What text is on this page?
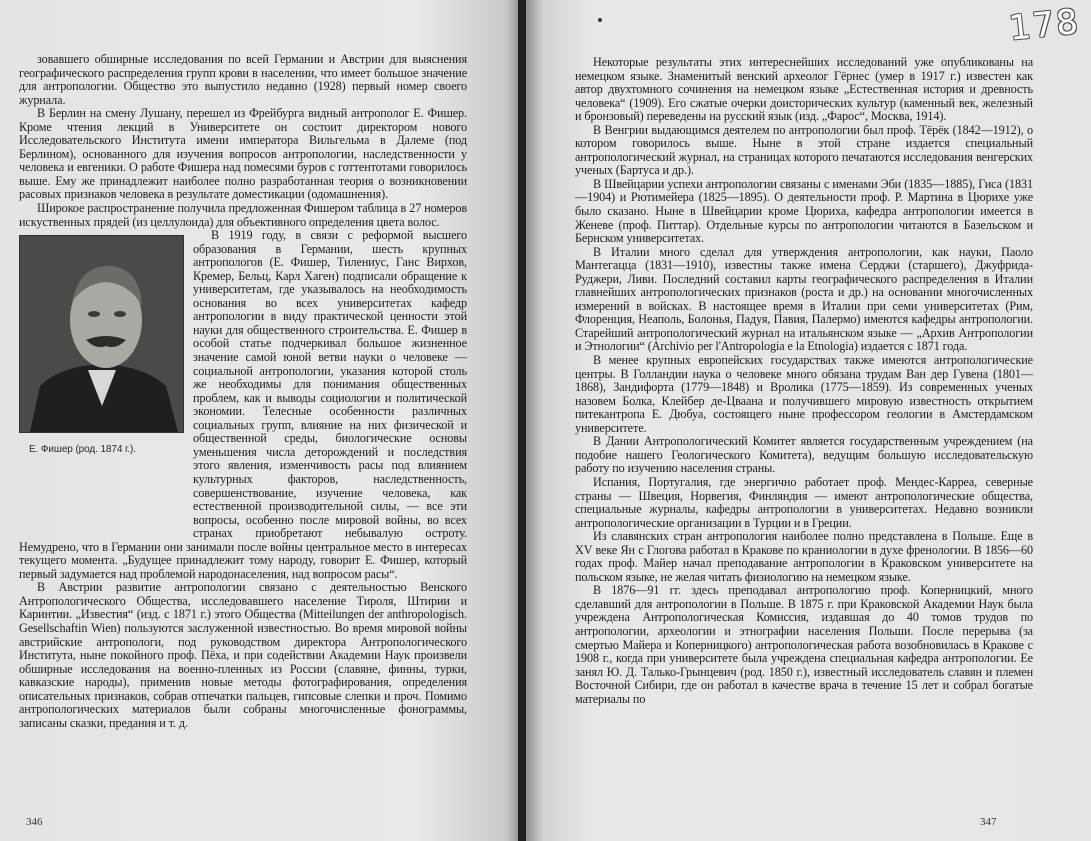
зовавшего обширные исследования по всей Германии и Австрии для выяснения географического распределения групп крови в населении, что имеет большое значение для антропологии. Общество это выпустило недавно (1928) первый номер своего журнала.

В Берлин на смену Лушану, перешел из Фрейбурга видный антрополог Е. Фишер. Кроме чтения лекций в Университете он состоит директором нового Исследовательского Института имени императора Вильгельма в Далеме (под Берлином), основанного для изучения вопросов антропологии, наследственности у человека и евгеники. О работе Фишера над помесями буров с готтентотами говорилось выше. Ему же принадлежит наиболее полно разработанная теория о возникновении расовых признаков человека в результате доместикации (одомашнения).

Широкое распространение получила предложенная Фишером таблица в 27 номеров искуственных прядей (из целлулоида) для объективного определения цвета волос.

Е. Фишер (род. 1874 г.).

В 1919 году, в связи с реформой высшего образования в Германии, шесть крупных антропологов (Е. Фишер, Тилениус, Ганс Вирхов, Кремер, Бельц, Карл Хаген) подписали обращение к университетам, где указывалось на необходимость основания во всех университетах кафедр антропологии в виду практической ценности этой науки для общественного строительства. Е. Фишер в особой статье подчеркивал большое жизненное значение самой юной ветви науки о человеке — социальной антропологии, указания которой столь же необходимы для понимания общественных проблем, как и выводы социологии и политической экономии. Телесные особенности различных социальных групп, влияние на них физической и общественной среды, биологические основы уменьшения числа деторождений и последствия этого явления, изменчивость расы под влиянием культурных факторов, наследственность, совершенствование, изучение человека, как естественной производительной силы, — все эти вопросы, особенно после мировой войны, во всех странах приобретают небывалую остроту. Немудрено, что в Германии они занимали после войны центральное место в интересах текущего момента. „Будущее принадлежит тому народу, говорит Е. Фишер, который первый задумается над проблемой народонаселения, над вопросом расы“.

В Австрии развитие антропологии связано с деятельностью Венского Антропологического Общества, исследовавшего население Тироля, Штирии и Каринтии. „Известия“ (изд. с 1871 г.) этого Общества (Mitteilungen der anthropologisch. Gesellschaftin Wien) пользуются заслуженной известностью. Во время мировой войны австрийские антропологи, под руководством директора Антропологического Института, ныне покойного проф. Пёха, и при содействии Академии Наук произвели обширные исследования на военно-пленных из России (славяне, финны, турки, кавказские народы), применив новые методы фотографирования, определения описательных признаков, собрав отпечатки пальцев, гипсовые слепки и проч. Помимо антропологических материалов были собраны многочисленные фонограммы, записаны сказки, предания и т. д.

346

Некоторые результаты этих интереснейших исследований уже опубликованы на немецком языке. Знаменитый венский археолог Гёрнес (умер в 1917 г.) известен как автор двухтомного сочинения на немецком языке „Естественная история и древность человека“ (1909). Его сжатые очерки доисторических культур (каменный век, железный и бронзовый) переведены на русский язык (изд. „Фарос“, Москва, 1914).

В Венгрии выдающимся деятелем по антропологии был проф. Тёрёк (1842—1912), о котором говорилось выше. Ныне в этой стране издается специальный антропологический журнал, на страницах которого печатаются исследования венгерских ученых (Бартуса и др.).

В Швейцарии успехи антропологии связаны с именами Эби (1835—1885), Гиса (1831—1904) и Рютимейера (1825—1895). О деятельности проф. Р. Мартина в Цюрихе уже было сказано. Ныне в Швейцарии кроме Цюриха, кафедра антропологии имеется в Женеве (проф. Питтар). Отдельные курсы по антропологии читаются в Базельском и Бернском университетах.

В Италии много сделал для утверждения антропологии, как науки, Паоло Мантегацца (1831—1910), известны также имена Серджи (старшего), Джуфрида-Руджери, Ливи. Последний составил карты географического распределения в Италии главнейших антропологических признаков (роста и др.) на основании многочисленных измерений в войсках. В настоящее время в Италии при семи университетах (Рим, Флоренция, Неаполь, Болонья, Падуя, Павия, Палермо) имеются кафедры антропологии. Старейший антропологический журнал на итальянском языке — „Архив Антропологии и Этнологии“ (Archivio per l'Antropologia e la Etnologia) издается с 1871 года.

В менее крупных европейских государствах также имеются антропологические центры. В Голландии наука о человеке много обязана трудам Ван дер Гувена (1801—1868), Зандифорта (1779—1848) и Вролика (1775—1859). Из современных ученых назовем Болка, Клейбер де-Цваана и получившего мировую известность открытием питекантропа Е. Дюбуа, состоящего ныне профессором геологии в Амстердамском университете.

В Дании Антропологический Комитет является государственным учреждением (на подобие нашего Геологического Комитета), ведущим большую исследовательскую работу по изучению населения страны.

Испания, Португалия, где энергично работает проф. Мендес-Каррea, северные страны — Швеция, Норвегия, Финляндия — имеют антропологические общества, специальные журналы, кафедры антропологии в университетах. Недавно возникли антропологические организации в Турции и в Греции.

Из славянских стран антропология наиболее полно представлена в Польше. Еще в XV веке Ян с Глогова работал в Кракове по краниологии в духе френологии. В 1856—60 годах проф. Майер начал преподавание антропологии в Краковском университете на польском языке, не желая читать физиологию на немецком языке.

В 1876—91 гг. здесь преподавал антропологию проф. Коперницкий, много сделавший для антропологии в Польше. В 1875 г. при Краковской Академии Наук была учреждена Антропологическая Комиссия, издавшая до 40 томов трудов по антропологии, археологии и этнографии населения Польши. После перерыва (за смертью Майера и Коперницкого) антропологическая работа возобновилась в Кракове с 1908 г., когда при университете была учреждена специальная кафедра антропологии. Ее занял Ю. Д. Талько-Грынцевич (род. 1850 г.), известный исследователь славян и племен Восточной Сибири, где он работал в качестве врача в течение 15 лет и собрал богатые материалы по

347
178
